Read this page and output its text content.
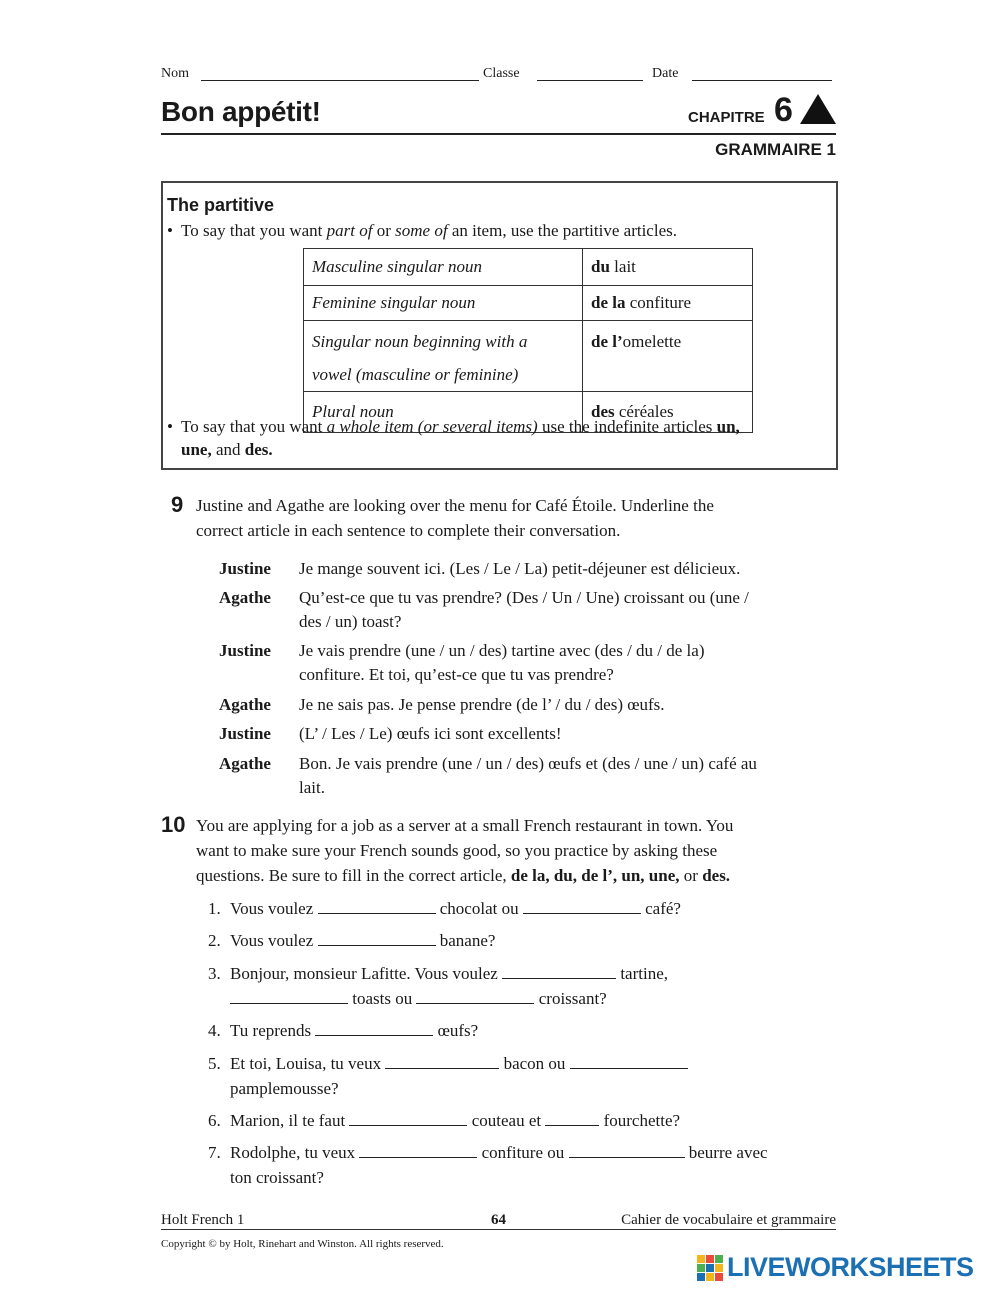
Nom	Classe	Date
Bon appétit!	CHAPITRE 6
GRAMMAIRE 1
The partitive
• To say that you want part of or some of an item, use the partitive articles.
Masculine singular noun	du lait
Feminine singular noun	de la confiture
Singular noun beginning with a
vowel (masculine or feminine)	de l’omelette
Plural noun	des céréales
• To say that you want a whole item (or several items) use the indefinite articles un,
une, and des.
9 Justine and Agathe are looking over the menu for Café Étoile. Underline the
correct article in each sentence to complete their conversation.
Justine Je mange souvent ici. (Les / Le / La) petit-déjeuner est délicieux.
Agathe Qu’est-ce que tu vas prendre? (Des / Un / Une) croissant ou (une /
des / un) toast?
Justine Je vais prendre (une / un / des) tartine avec (des / du / de la)
confiture. Et toi, qu’est-ce que tu vas prendre?
Agathe Je ne sais pas. Je pense prendre (de l’ / du / des) œufs.
Justine (L’ / Les / Le) œufs ici sont excellents!
Agathe Bon. Je vais prendre (une / un / des) œufs et (des / une / un) café au
lait.
10 You are applying for a job as a server at a small French restaurant in town. You
want to make sure your French sounds good, so you practice by asking these
questions. Be sure to fill in the correct article, de la, du, de l’, un, une, or des.
1. Vous voulez	chocolat ou	café?
2. Vous voulez	banane?
3. Bonjour, monsieur Lafitte. Vous voulez	tartine,
toasts ou	croissant?
4. Tu reprends	œufs?
5. Et toi, Louisa, tu veux	bacon ou
pamplemousse?
6. Marion, il te faut	couteau et	fourchette?
7. Rodolphe, tu veux	confiture ou	beurre avec
ton croissant?
Holt French 1	64	Cahier de vocabulaire et grammaire
Copyright © by Holt, Rinehart and Winston. All rights reserved.
LIVEWORKSHEETS
